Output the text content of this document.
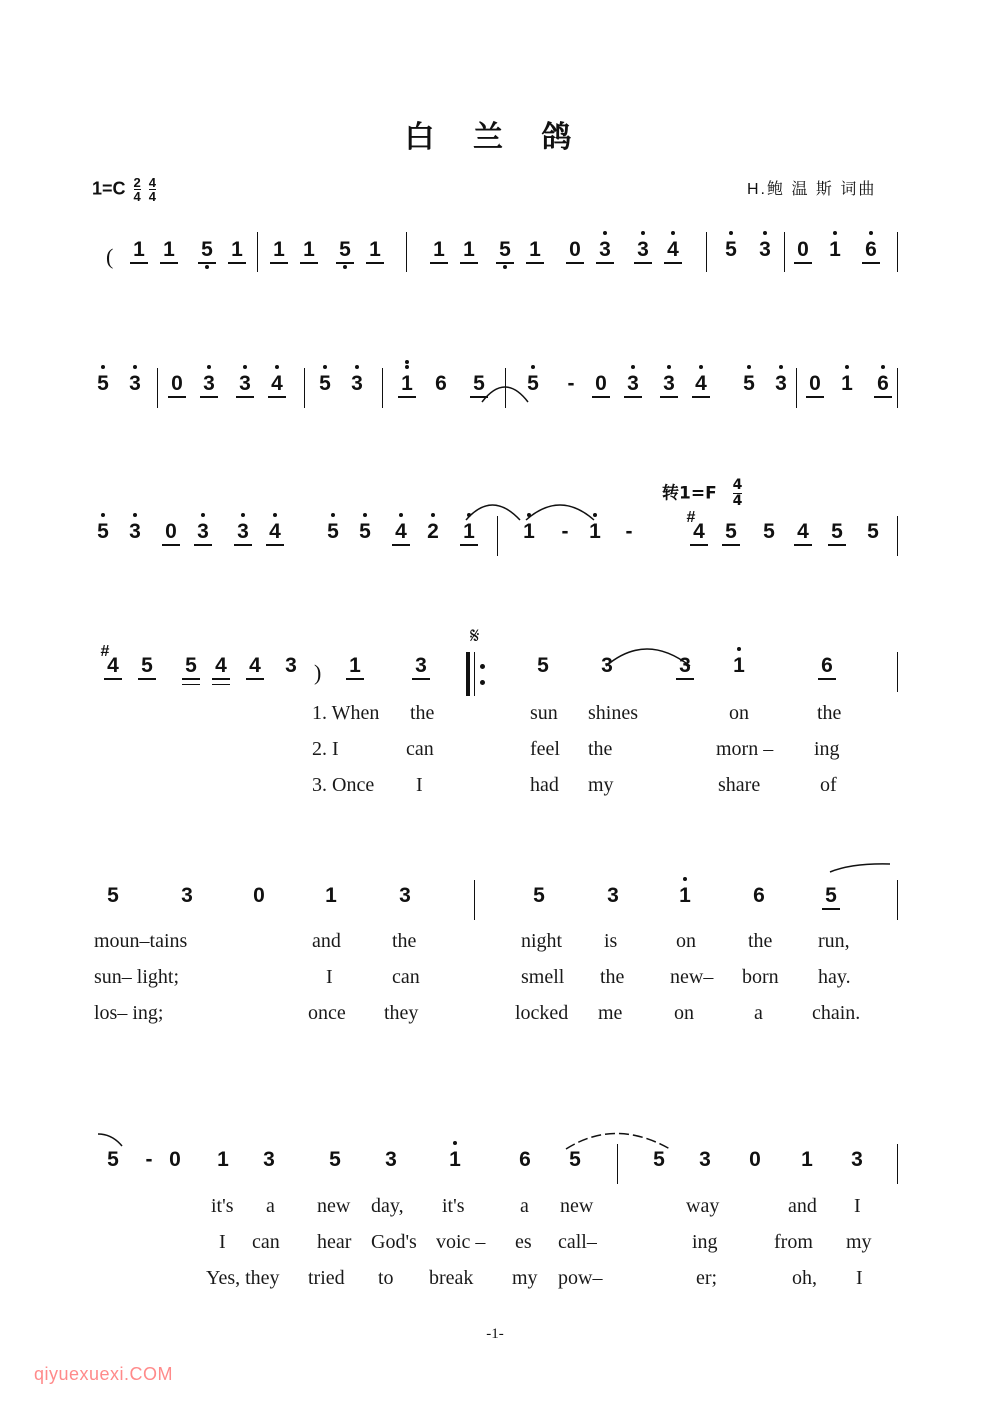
白 兰 鸽
$1=C \frac{2}{4}$
$\frac{4}{4}$	H.鲍 温 斯 词曲
转$1=F \frac{4}{4}$
( 1 1 5 1 1 1 5 1 1 1 5 1 0 3 3 4 5 3 0 1 6
5 3 0 3 3 4 5 3 1 6 5 5 - 0 3 3 4 5 3 0 1 6
5 3 0 3 3 4 5 5 4 2 1 1 - 1 -	4 5 5 4 5 5
4 5 5 4 4 3 ) 1	3	5 3	3 1	6
5	3	0	1	3	5	3	1	6	5
5 - 0 1 3	5 3 1	6 5	5 3 0 1 3
#
#
𝄋
1. When the	sun shines	on	the
2. I	can	feel the	morn – ing
3. Once I	had my	share	of
moun–tains	and	the	night is	on	the run,
sun– light;	I	can	smell the new– born hay.
los– ing;	once they	locked me	on	a chain.
it's a new day, it's	a new	way	and I
I can hear God's voic – es call–	ing	from my
Yes, they tried to break my pow–	er;	oh, I
-1-
qiyuexuexi.COM
